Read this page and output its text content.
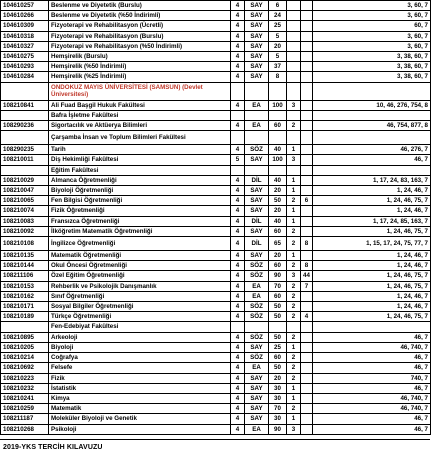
104610257	Beslenme ve Diyetetik (Burslu)	4	SAY	6			3, 60, 7
104610266	Beslenme ve Diyetetik (%50 İndirimli)	4	SAY	24			3, 60, 7
104610309	Fizyoterapi ve Rehabilitasyon (Ücretli)	4	SAY	25			60, 7
104610318	Fizyoterapi ve Rehabilitasyon (Burslu)	4	SAY	5			3, 60, 7
104610327	Fizyoterapi ve Rehabilitasyon (%50 İndirimli)	4	SAY	20			3, 60, 7
104610275	Hemşirelik (Burslu)	4	SAY	5			3, 38, 60, 7
104610293	Hemşirelik (%50 İndirimli)	4	SAY	37			3, 38, 60, 7
104610284	Hemşirelik (%25 İndirimli)	4	SAY	8			3, 38, 60, 7
	ONDOKUZ MAYIS ÜNİVERSİTESİ (SAMSUN) (Devlet Üniversitesi)						
108210841	Ali Fuad Başgil Hukuk Fakültesi	4	EA	100	3		10, 46, 276, 754, 8
	Bafra İşletme Fakültesi						
108290236	Sigortacılık ve Aktüerya Bilimleri	4	EA	60	2		46, 754, 877, 8
	Çarşamba İnsan ve Toplum Bilimleri Fakültesi						
108290235	Tarih	4	SÖZ	40	1		46, 276, 7
108210011	Diş Hekimliği Fakültesi	5	SAY	100	3		46, 7
	Eğitim Fakültesi						
108210029	Almanca Öğretmenliği	4	DİL	40	1		1, 17, 24, 83, 163, 7
108210047	Biyoloji Öğretmenliği	4	SAY	20	1		1, 24, 46, 7
108210065	Fen Bilgisi Öğretmenliği	4	SAY	50	2	6	1, 24, 46, 75, 7
108210074	Fizik Öğretmenliği	4	SAY	20	1		1, 24, 46, 7
108210083	Fransızca Öğretmenliği	4	DİL	40	1		1, 17, 24, 85, 163, 7
108210092	İlköğretim Matematik Öğretmenliği	4	SAY	60	2		1, 24, 46, 75, 7
108210108	İngilizce Öğretmenliği	4	DİL	65	2	8	1, 15, 17, 24, 75, 77, 7
108210135	Matematik Öğretmenliği	4	SAY	20	1		1, 24, 46, 7
108210144	Okul Öncesi Öğretmenliği	4	SÖZ	60	2	8	1, 24, 46, 7
108211106	Özel Eğitim Öğretmenliği	4	SÖZ	90	3	44	1, 24, 46, 75, 7
108210153	Rehberlik ve Psikolojik Danışmanlık	4	EA	70	2	7	1, 24, 46, 75, 7
108210162	Sınıf Öğretmenliği	4	EA	60	2		1, 24, 46, 7
108210171	Sosyal Bilgiler Öğretmenliği	4	SÖZ	50	2		1, 24, 46, 7
108210189	Türkçe Öğretmenliği	4	SÖZ	50	2	4	1, 24, 46, 75, 7
	Fen-Edebiyat Fakültesi						
108210895	Arkeoloji	4	SÖZ	50	2		46, 7
108210205	Biyoloji	4	SAY	25	1		46, 740, 7
108210214	Coğrafya	4	SÖZ	60	2		46, 7
108210692	Felsefe	4	EA	50	2		46, 7
108210223	Fizik	4	SAY	20	2		740, 7
108210232	İstatistik	4	SAY	30	1		46, 7
108210241	Kimya	4	SAY	30	1		46, 740, 7
108210259	Matematik	4	SAY	70	2		46, 740, 7
108211187	Moleküler Biyoloji ve Genetik	4	SAY	30	1		46, 7
108210268	Psikoloji	4	EA	90	3		46, 7
2019-YKS TERCİH KILAVUZU
